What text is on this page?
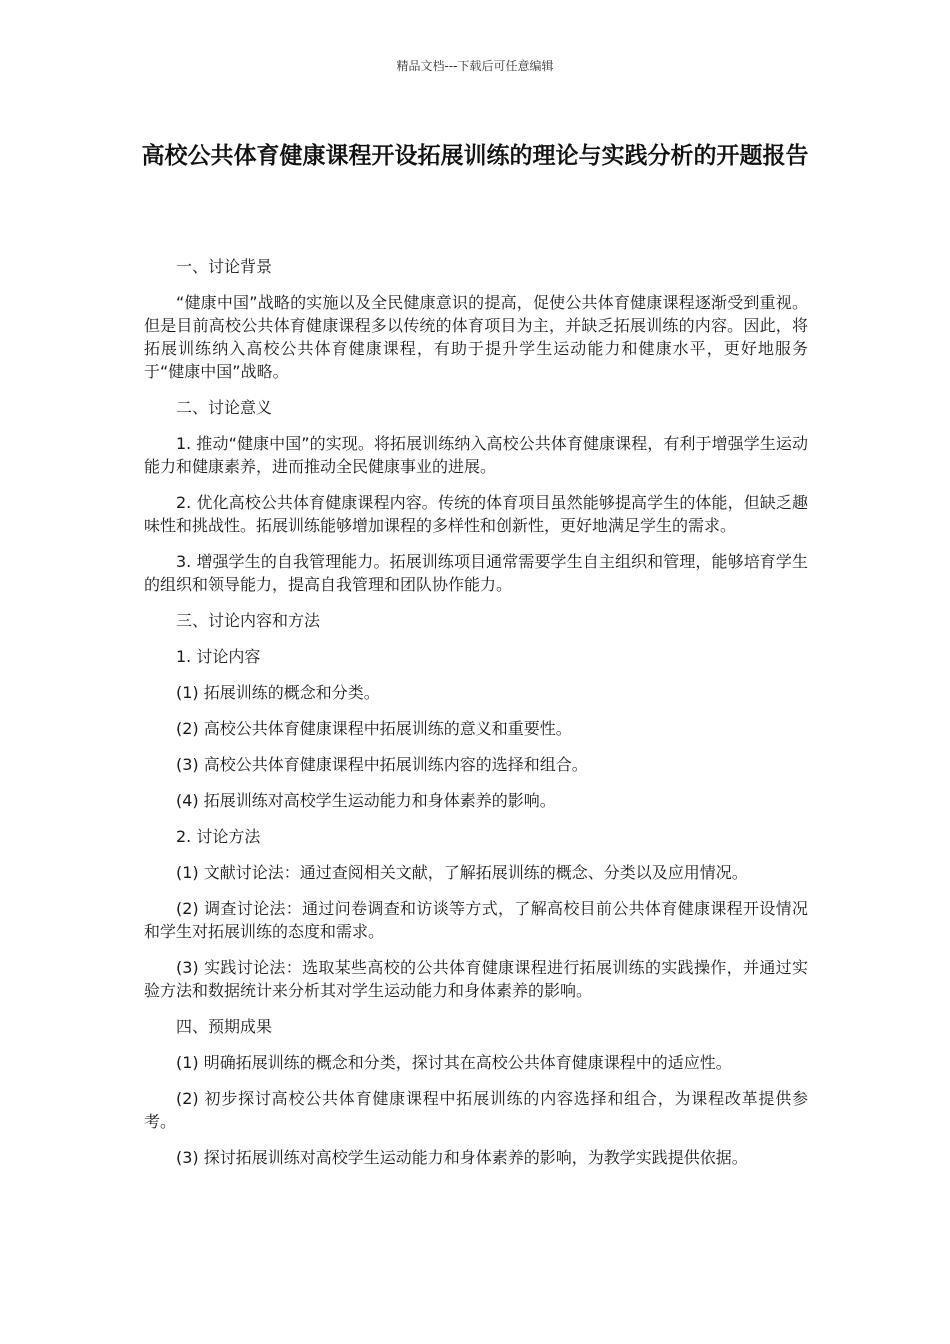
精品文档---下载后可任意编辑
高校公共体育健康课程开设拓展训练的理论与实践分析的开题报告

一、讨论背景

“健康中国”战略的实施以及全民健康意识的提高，促使公共体育健康课程逐渐受到重视。但是目前高校公共体育健康课程多以传统的体育项目为主，并缺乏拓展训练的内容。因此，将拓展训练纳入高校公共体育健康课程，有助于提升学生运动能力和健康水平，更好地服务于“健康中国”战略。

二、讨论意义

1. 推动“健康中国”的实现。将拓展训练纳入高校公共体育健康课程，有利于增强学生运动能力和健康素养，进而推动全民健康事业的进展。

2. 优化高校公共体育健康课程内容。传统的体育项目虽然能够提高学生的体能，但缺乏趣味性和挑战性。拓展训练能够增加课程的多样性和创新性，更好地满足学生的需求。

3. 增强学生的自我管理能力。拓展训练项目通常需要学生自主组织和管理，能够培育学生的组织和领导能力，提高自我管理和团队协作能力。

三、讨论内容和方法

1. 讨论内容

(1) 拓展训练的概念和分类。

(2) 高校公共体育健康课程中拓展训练的意义和重要性。

(3) 高校公共体育健康课程中拓展训练内容的选择和组合。

(4) 拓展训练对高校学生运动能力和身体素养的影响。

2. 讨论方法

(1) 文献讨论法：通过查阅相关文献，了解拓展训练的概念、分类以及应用情况。

(2) 调查讨论法：通过问卷调查和访谈等方式，了解高校目前公共体育健康课程开设情况和学生对拓展训练的态度和需求。

(3) 实践讨论法：选取某些高校的公共体育健康课程进行拓展训练的实践操作，并通过实验方法和数据统计来分析其对学生运动能力和身体素养的影响。

四、预期成果

(1) 明确拓展训练的概念和分类，探讨其在高校公共体育健康课程中的适应性。

(2) 初步探讨高校公共体育健康课程中拓展训练的内容选择和组合，为课程改革提供参考。

(3) 探讨拓展训练对高校学生运动能力和身体素养的影响，为教学实践提供依据。
